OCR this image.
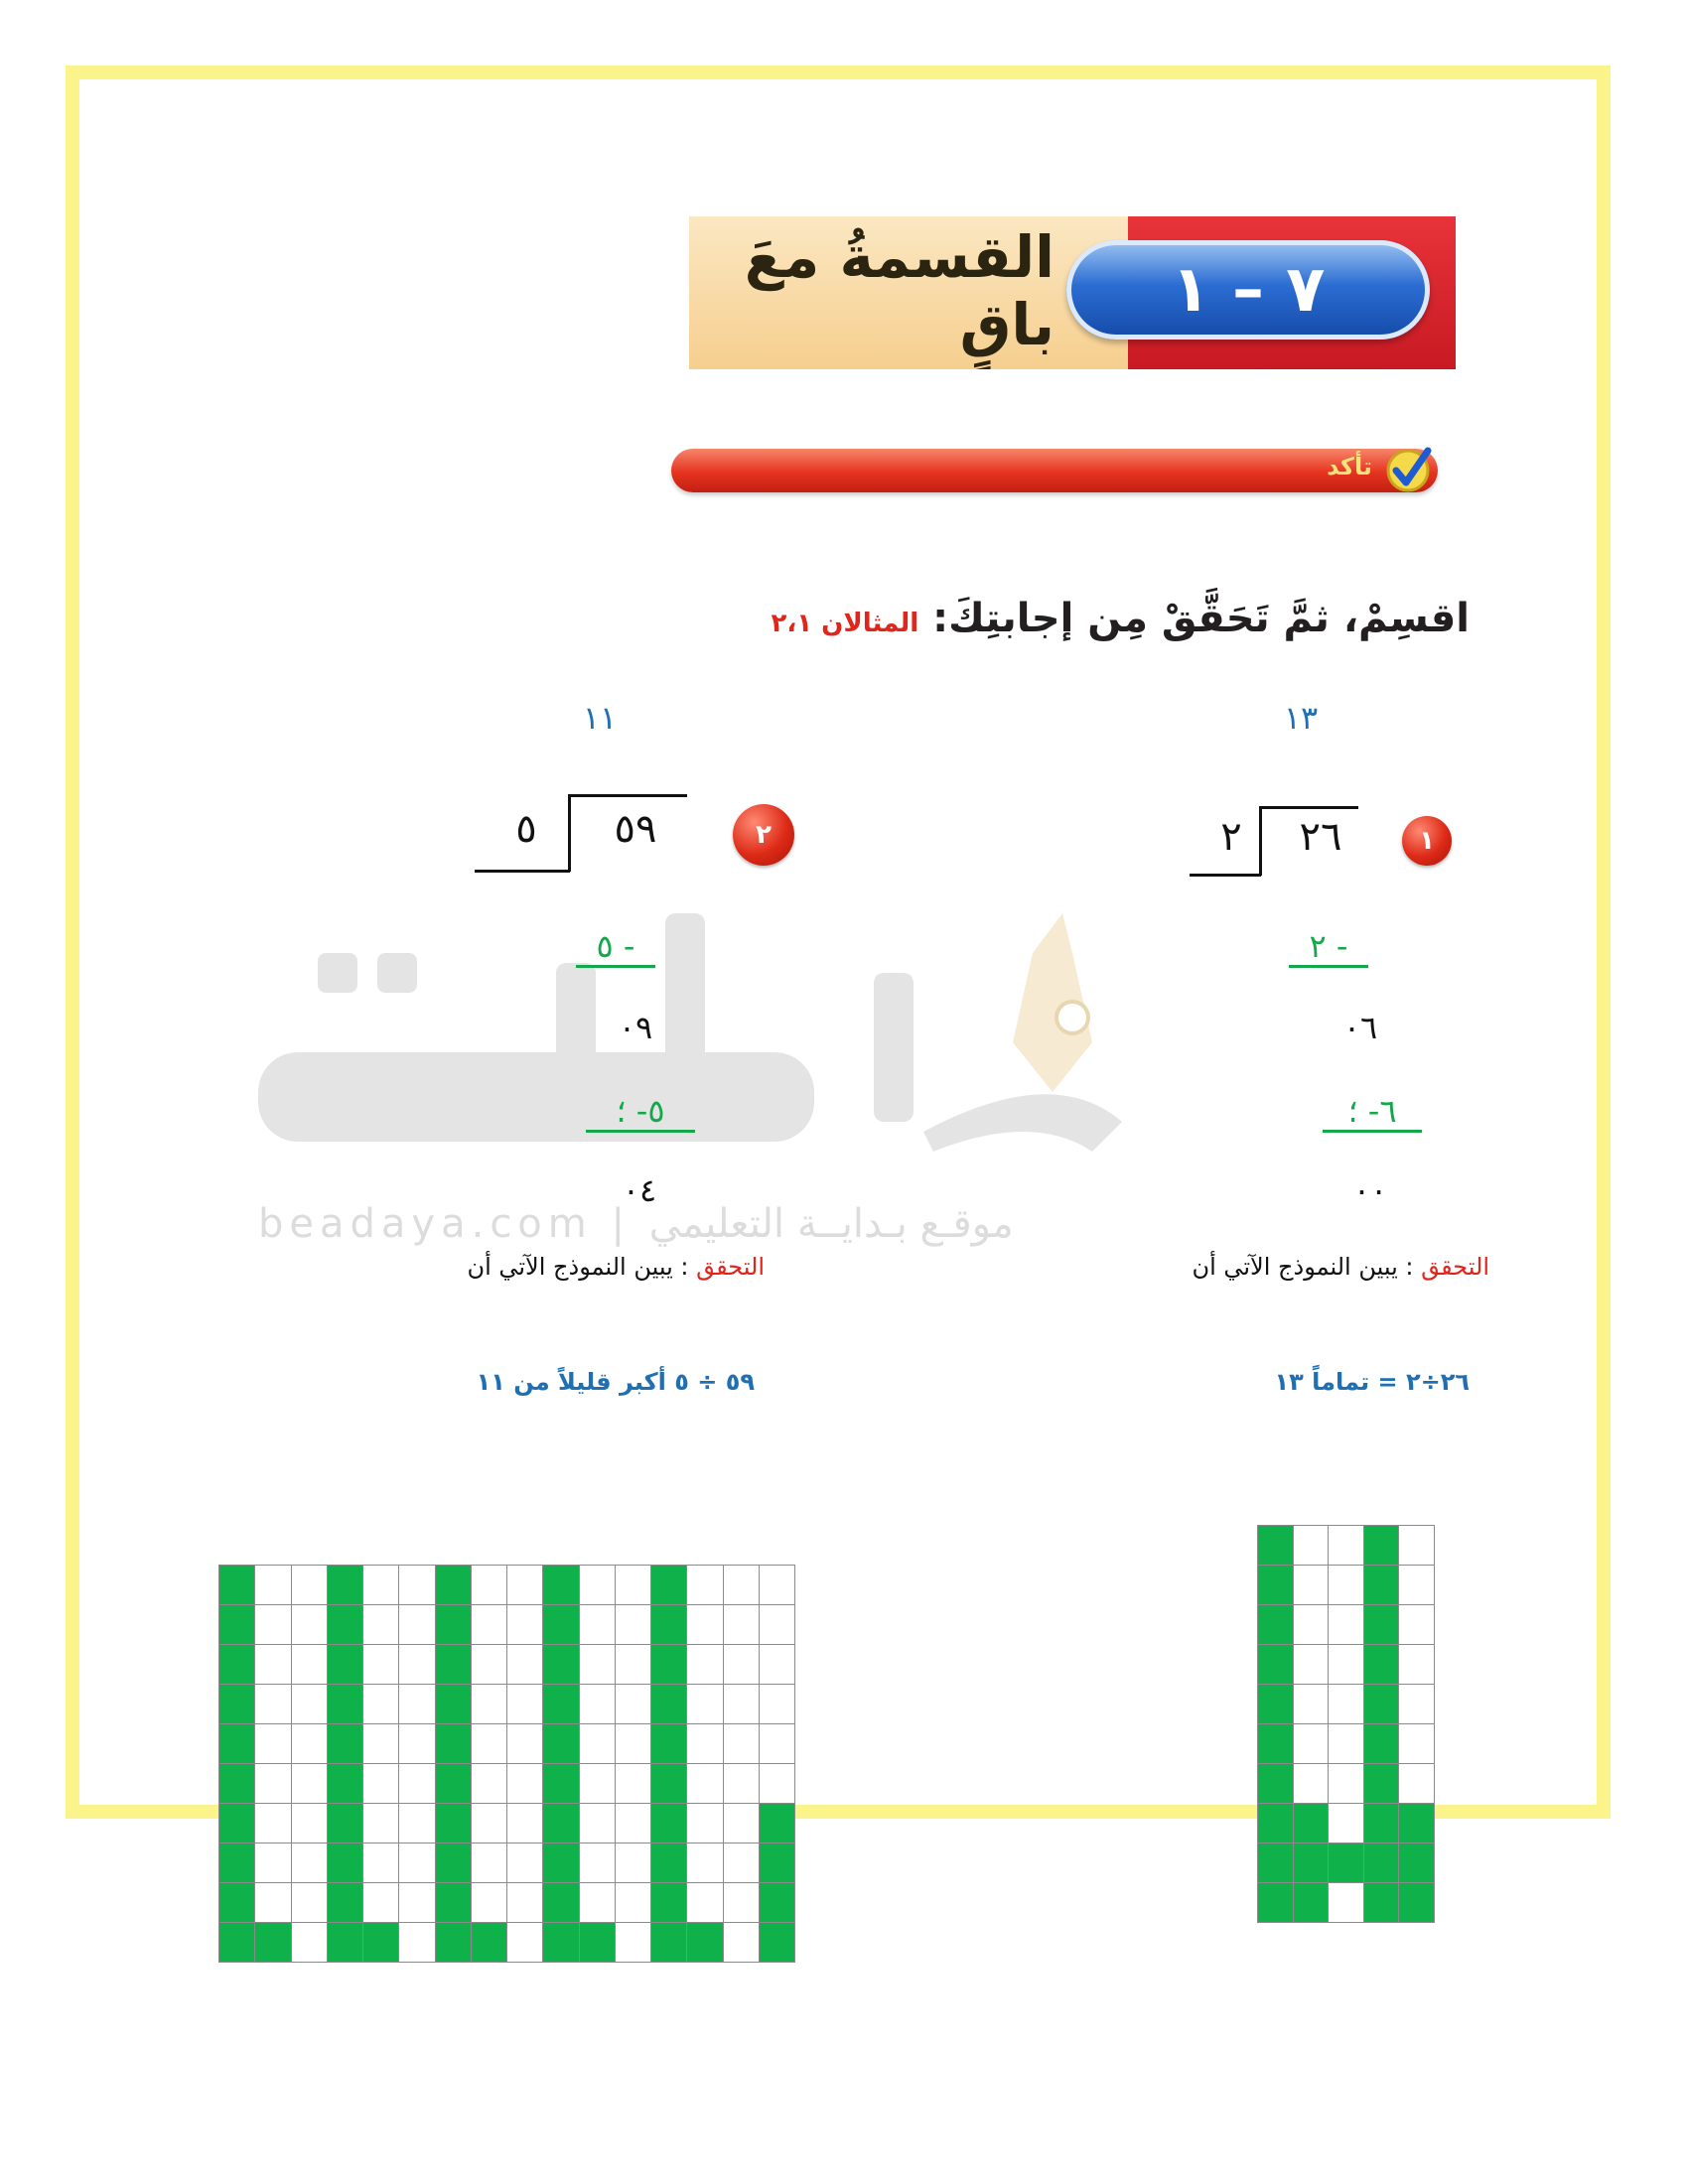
beadaya.com | موقـع بـدايــة التعليمي
٧ – ١
القسمةُ معَ باقٍ
تأكد
اقسِمْ، ثمَّ تَحَقَّقْ مِن إجابتِكَ: المثالان ٢،١
١٣
١
٢٦
٢
- ٢
٠٦
٦- ؛
٠٠
التحقق : يبين النموذج الآتي أن
٢٦÷٢ = تماماً ١٣
١١
٢
٥٩
٥
- ٥
٠٩
٥- ؛
٠٤
التحقق : يبين النموذج الآتي أن
٥٩ ÷ ٥ أكبر قليلاً من ١١
